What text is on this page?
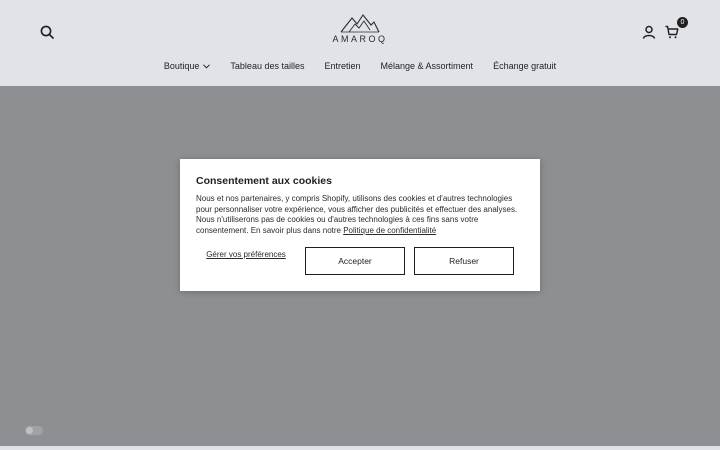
AMAROQ
0
Boutique	Tableau des tailles Entretien Mélange & Assortiment Échange gratuit
Consentement aux cookies

Nous et nos partenaires, y compris Shopify, utilisons des cookies et d'autres technologies pour personnaliser votre expérience, vous afficher des publicités et effectuer des analyses. Nous n'utiliserons pas de cookies ou d'autres technologies à ces fins sans votre consentement. En savoir plus dans notre Politique de confidentialité

Gérer vos préférences
Accepter	Refuser
